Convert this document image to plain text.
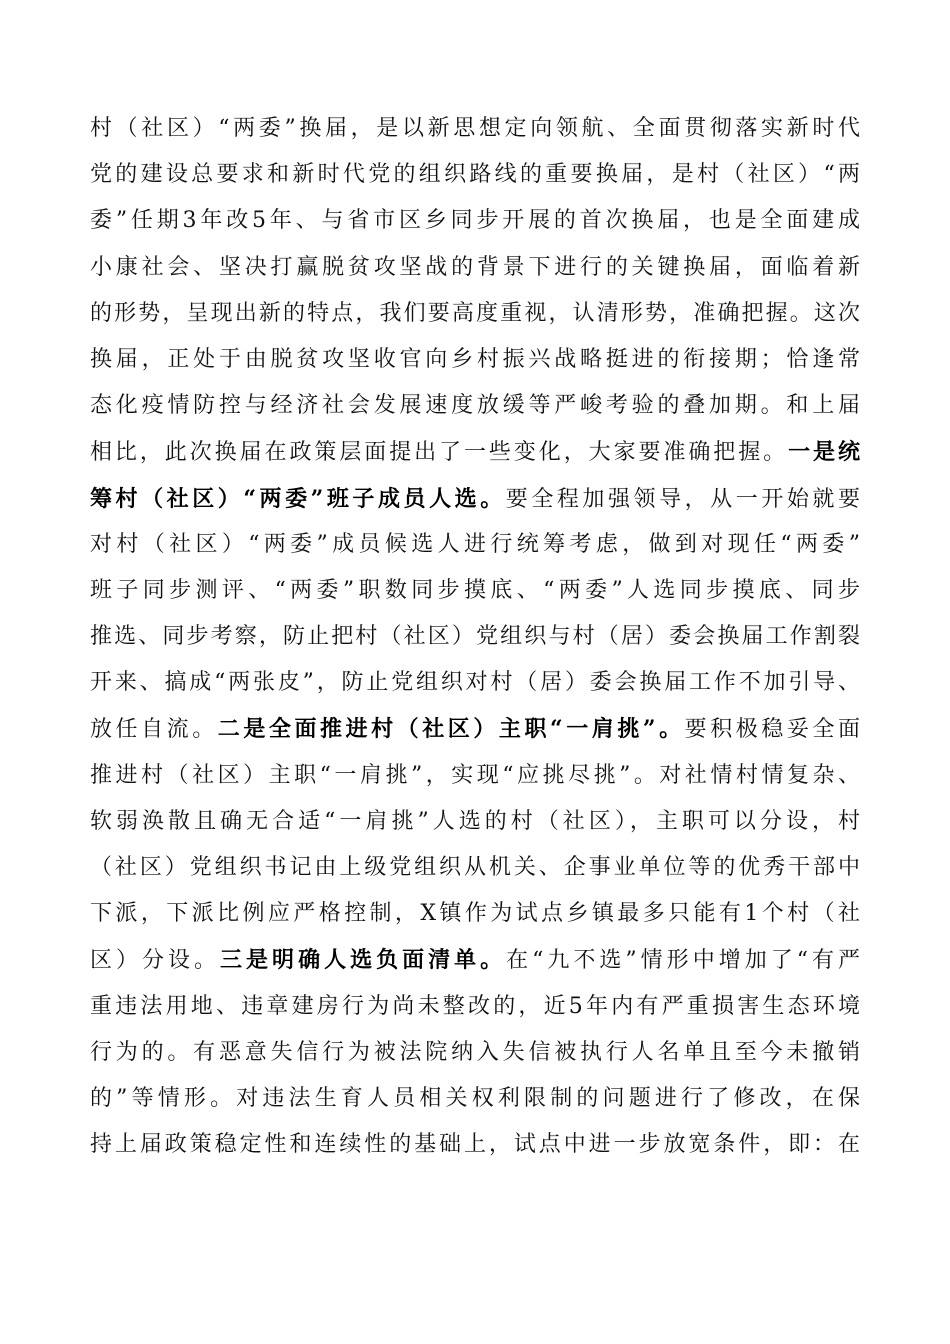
村（社区）“两委”换届，是以新思想定向领航、全面贯彻落实新时代
党的建设总要求和新时代党的组织路线的重要换届，是村（社区）“两
委”任期3年改5年、与省市区乡同步开展的首次换届，也是全面建成
小康社会、坚决打赢脱贫攻坚战的背景下进行的关键换届，面临着新
的形势，呈现出新的特点，我们要高度重视，认清形势，准确把握。这次
换届，正处于由脱贫攻坚收官向乡村振兴战略挺进的衔接期；恰逢常
态化疫情防控与经济社会发展速度放缓等严峻考验的叠加期。和上届
相比，此次换届在政策层面提出了一些变化，大家要准确把握。一是统
筹村（社区）“两委”班子成员人选。要全程加强领导，从一开始就要
对村（社区）“两委”成员候选人进行统筹考虑，做到对现任“两委”
班子同步测评、“两委”职数同步摸底、“两委”人选同步摸底、同步
推选、同步考察，防止把村（社区）党组织与村（居）委会换届工作割裂
开来、搞成“两张皮”，防止党组织对村（居）委会换届工作不加引导、
放任自流。二是全面推进村（社区）主职“一肩挑”。要积极稳妥全面
推进村（社区）主职“一肩挑”，实现“应挑尽挑”。对社情村情复杂、
软弱涣散且确无合适“一肩挑”人选的村（社区），主职可以分设，村
（社区）党组织书记由上级党组织从机关、企事业单位等的优秀干部中
下派，下派比例应严格控制，X镇作为试点乡镇最多只能有1个村（社
区）分设。三是明确人选负面清单。在“九不选”情形中增加了“有严
重违法用地、违章建房行为尚未整改的，近5年内有严重损害生态环境
行为的。有恶意失信行为被法院纳入失信被执行人名单且至今未撤销
的”等情形。对违法生育人员相关权利限制的问题进行了修改，在保
持上届政策稳定性和连续性的基础上，试点中进一步放宽条件，即：在
